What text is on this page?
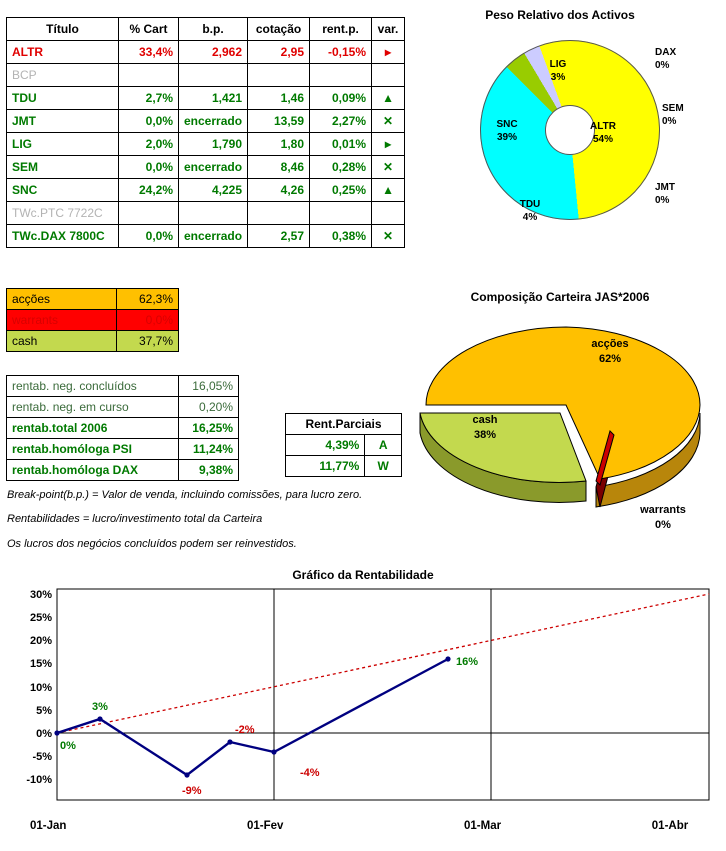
Título	% Cart	b.p.	cotação	rent.p.	var.
ALTR	33,4%	2,962	2,95	-0,15%	▸
BCP					
TDU	2,7%	1,421	1,46	0,09%	▲
JMT	0,0%	encerrado	13,59	2,27%	✕
LIG	2,0%	1,790	1,80	0,01%	▸
SEM	0,0%	encerrado	8,46	0,28%	✕
SNC	24,2%	4,225	4,26	0,25%	▲
TWc.PTC 7722C					
TWc.DAX 7800C	0,0%	encerrado	2,57	0,38%	✕
acções	62,3%
warrants	0,0%
cash	37,7%
rentab. neg. concluídos	16,05%
rentab. neg. em curso	0,20%
rentab.total 2006	16,25%
rentab.homóloga PSI	11,24%
rentab.homóloga DAX	9,38%
Rent.Parciais	
4,39%	A
11,77%	W
Break-point(b.p.) = Valor de venda, incluindo comissões, para lucro zero.
Rentabilidades = lucro/investimento total da Carteira
Os lucros dos negócios concluídos podem ser reinvestidos.
Peso Relativo dos Activos
ALTR
54%
SNC
39%
TDU
4%
LIG
3%
DAX
0%
SEM
0%
JMT
0%
Composição Carteira JAS*2006
acções
62%
cash
38%
warrants
0%
Gráfico da Rentabilidade
30%
25%
20%
15%
10%
5%
0%
-5%
-10%
0%
3%
-9%
-2%
-4%
16%
01-Jan	01-Fev	01-Mar	01-Abr
